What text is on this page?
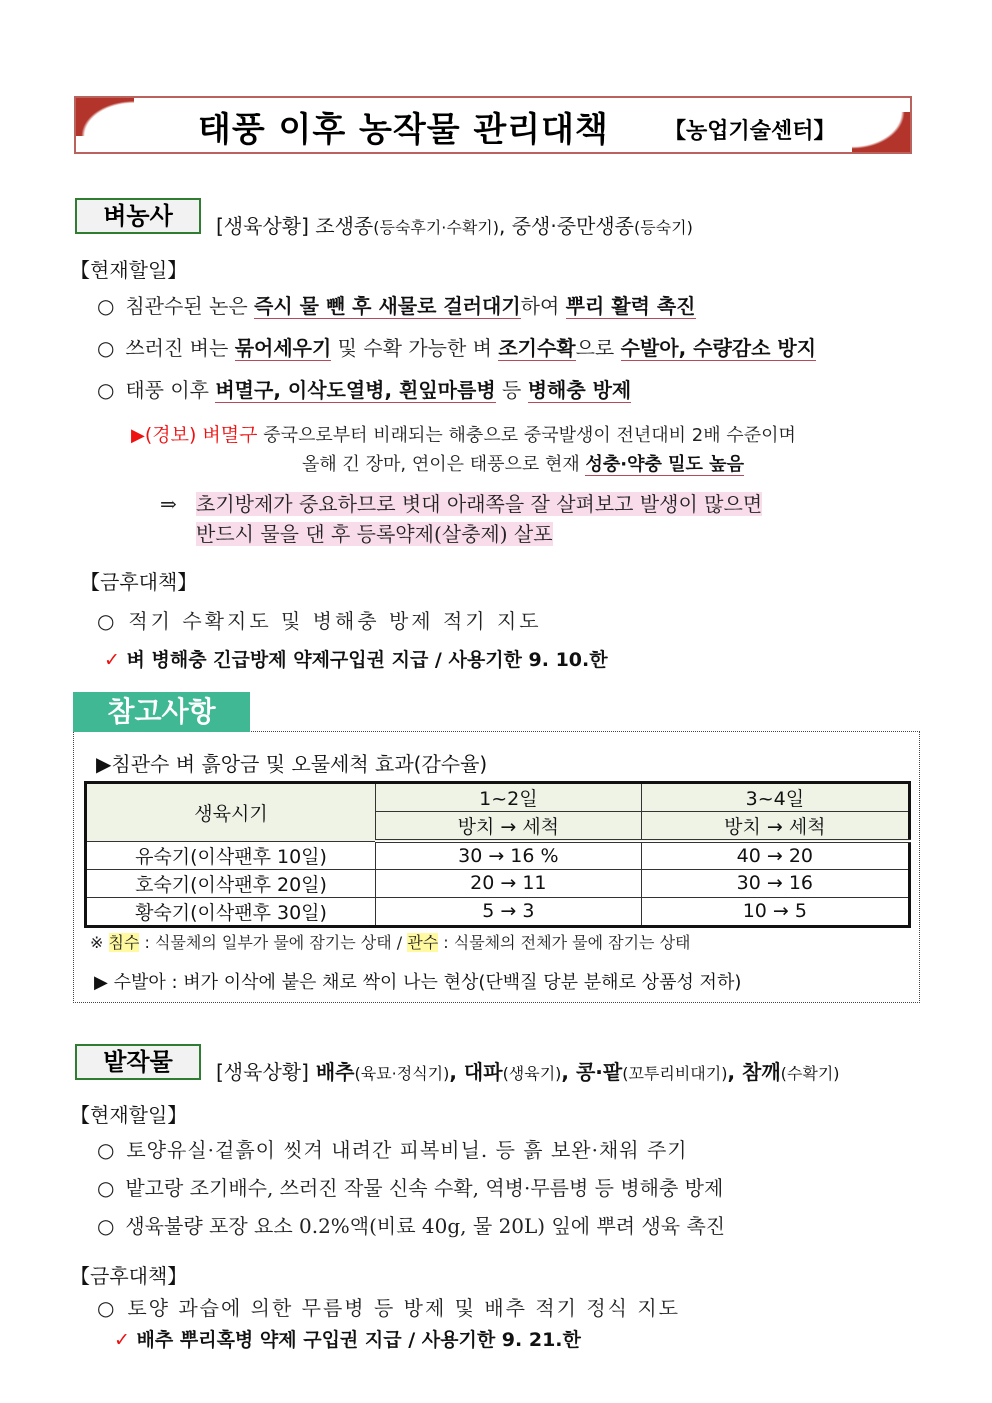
태풍 이후 농작물 관리대책	【농업기술센터】
벼농사	[생육상황] 조생종(등숙후기·수확기), 중생·중만생종(등숙기)
【현재할일】
○ 침관수된 논은 즉시 물 뺀 후 새물로 걸러대기하여 뿌리 활력 촉진
○ 쓰러진 벼는 묶어세우기 및 수확 가능한 벼 조기수확으로 수발아, 수량감소 방지
○ 태풍 이후 벼멸구, 이삭도열병, 흰잎마름병 등 병해충 방제
▶(경보) 벼멸구 중국으로부터 비래되는 해충으로 중국발생이 전년대비 2배 수준이며
올해 긴 장마, 연이은 태풍으로 현재 성충·약충 밀도 높음
⇒ 초기방제가 중요하므로 볏대 아래쪽을 잘 살펴보고 발생이 많으면
반드시 물을 댄 후 등록약제(살충제) 살포
【금후대책】
○ 적기 수확지도 및 병해충 방제 적기 지도
✓ 벼 병해충 긴급방제 약제구입권 지급 / 사용기한 9. 10.한
참고사항
▶침관수 벼 흙앙금 및 오물세척 효과(감수율)
생육시기	1~2일	3~4일
	방치 → 세척	방치 → 세척
유숙기(이삭팬후 10일)	30 → 16 %	40 → 20
호숙기(이삭팬후 20일)	20 → 11	30 → 16
황숙기(이삭팬후 30일)	5 → 3	10 → 5
※ 침수 : 식물체의 일부가 물에 잠기는 상태 / 관수 : 식물체의 전체가 물에 잠기는 상태
▶ 수발아 : 벼가 이삭에 붙은 채로 싹이 나는 현상(단백질 당분 분해로 상품성 저하)
밭작물	[생육상황] 배추(육묘·정식기), 대파(생육기), 콩·팥(꼬투리비대기), 참깨(수확기)
【현재할일】
○ 토양유실·겉흙이 씻겨 내려간 피복비닐. 등 흙 보완·채워 주기
○ 밭고랑 조기배수, 쓰러진 작물 신속 수확, 역병·무름병 등 병해충 방제
○ 생육불량 포장 요소 0.2%액(비료 40g, 물 20L) 잎에 뿌려 생육 촉진
【금후대책】
○ 토양 과습에 의한 무름병 등 방제 및 배추 적기 정식 지도
✓ 배추 뿌리혹병 약제 구입권 지급 / 사용기한 9. 21.한
